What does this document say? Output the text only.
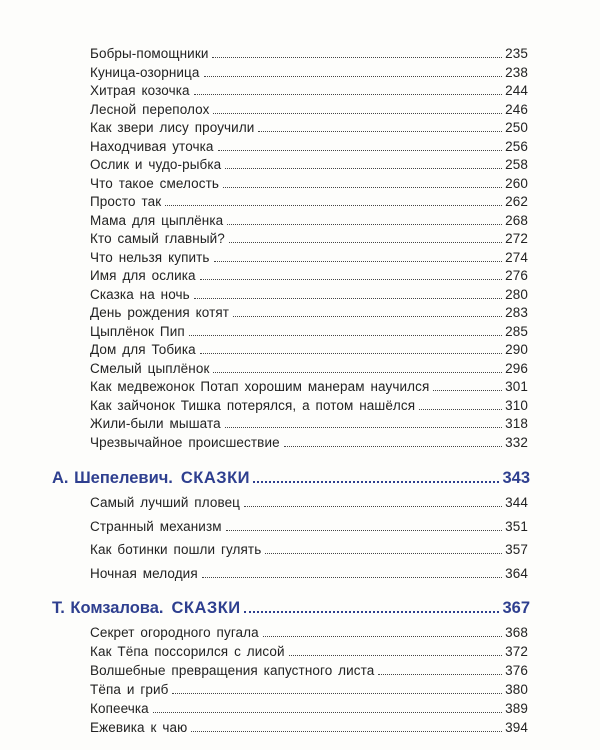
Бобры-помощники	235
Куница-озорница	238
Хитрая козочка	244
Лесной переполох	246
Как звери лису проучили	250
Находчивая уточка	256
Ослик и чудо-рыбка	258
Что такое смелость	260
Просто так	262
Мама для цыплёнка	268
Кто самый главный?	272
Что нельзя купить	274
Имя для ослика	276
Сказка на ночь	280
День рождения котят	283
Цыплёнок Пип	285
Дом для Тобика	290
Смелый цыплёнок	296
Как медвежонок Потап хорошим манерам научился	301
Как зайчонок Тишка потерялся, а потом нашёлся	310
Жили-были мышата	318
Чрезвычайное происшествие	332
А. Шепелевич. СКАЗКИ	343
Самый лучший пловец	344
Странный механизм	351
Как ботинки пошли гулять	357
Ночная мелодия	364
Т. Комзалова. СКАЗКИ	367
Секрет огородного пугала	368
Как Тёпа поссорился с лисой	372
Волшебные превращения капустного листа	376
Тёпа и гриб	380
Копеечка	389
Ежевика к чаю	394
